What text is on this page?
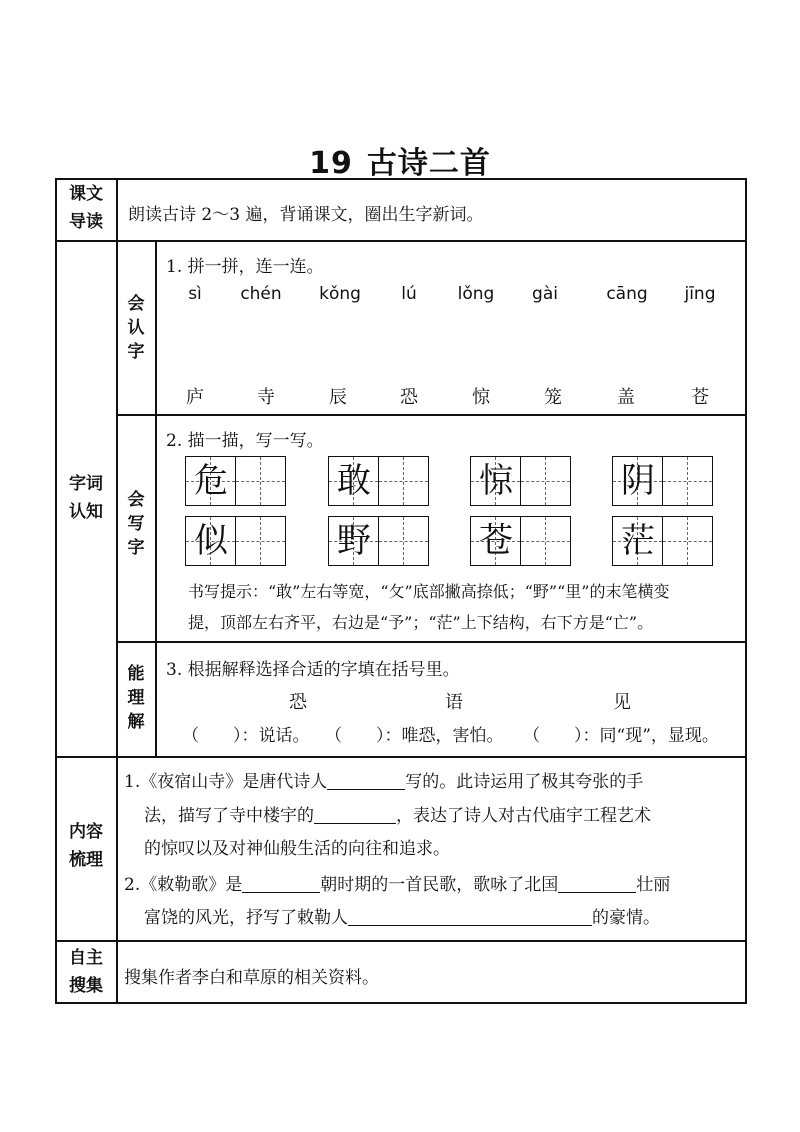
19 古诗二首
课文
导读	朗读古诗 2～3 遍，背诵课文，圈出生字新词。
字词
认知
会认字
1. 拼一拼，连一连。
sì	chén	kǒng	lú	lǒng	gài	cāng	jīng
庐	寺	辰	恐	惊	笼	盖	苍
会写字
2. 描一描，写一写。
危	敢	惊	阴
似	野	苍	茫
书写提示：“敢”左右等宽，“攵”底部撇高捺低；“野”“里”的末笔横变
提，顶部左右齐平，右边是“予”；“茫”上下结构，右下方是“亡”。
能理解
3. 根据解释选择合适的字填在括号里。
恐	语	见
（　　）：说话。 （　　）：唯恐，害怕。 （　　）：同“现”，显现。
内容
梳理
1.《夜宿山寺》是唐代诗人	写的。此诗运用了极其夸张的手
法，描写了寺中楼宇的	，表达了诗人对古代庙宇工程艺术
的惊叹以及对神仙般生活的向往和追求。
2.《敕勒歌》是	朝时期的一首民歌，歌咏了北国	壮丽
富饶的风光，抒写了敕勒人	的豪情。
自主
搜集	搜集作者李白和草原的相关资料。
